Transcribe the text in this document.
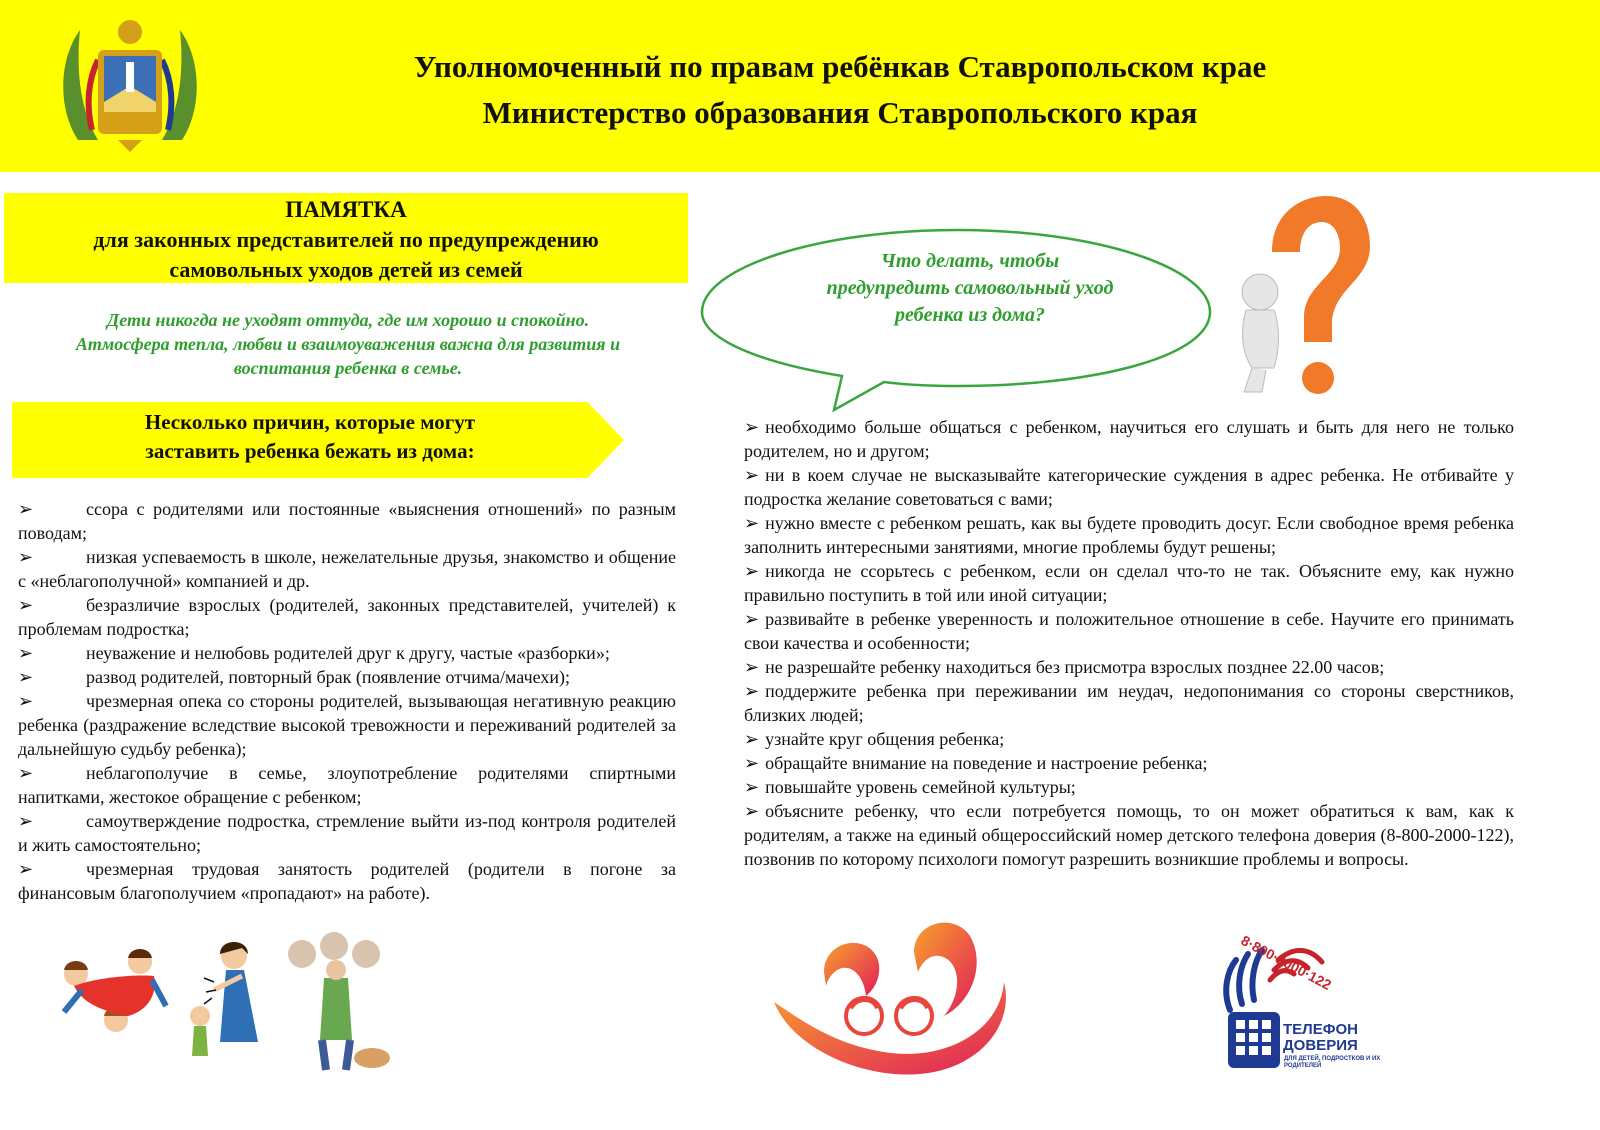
Уполномоченный по правам ребёнкав Ставропольском крае
Министерство образования Ставропольского края
ПАМЯТКА
для законных представителей по предупреждению
самовольных уходов детей из семей
Дети никогда не уходят оттуда, где им хорошо и спокойно.
Атмосфера тепла, любви и взаимоуважения важна для развития и
воспитания ребенка в семье.
Несколько причин, которые могут
заставить ребенка бежать из дома:
➢	ссора с родителями или постоянные «выяснения отношений» по разным поводам;
➢	низкая успеваемость в школе, нежелательные друзья, знакомство и общение с «неблагополучной» компанией и др.
➢	безразличие взрослых (родителей, законных представителей, учителей) к проблемам подростка;
➢	неуважение и нелюбовь родителей друг к другу, частые «разборки»;
➢	развод родителей, повторный брак (появление отчима/мачехи);
➢	чрезмерная опека со стороны родителей, вызывающая негативную реакцию ребенка (раздражение вследствие высокой тревожности и переживаний родителей за дальнейшую судьбу ребенка);
➢	неблагополучие в семье, злоупотребление родителями спиртными напитками, жестокое обращение с ребенком;
➢	самоутверждение подростка, стремление выйти из-под контроля родителей и жить самостоятельно;
➢	чрезмерная трудовая занятость родителей (родители в погоне за финансовым благополучием «пропадают» на работе).
Что делать, чтобы
предупредить самовольный уход
ребенка из дома?
➢ необходимо больше общаться с ребенком, научиться его слушать и быть для него не только родителем, но и другом;
➢ ни в коем случае не высказывайте категорические суждения в адрес ребенка. Не отбивайте у подростка желание советоваться с вами;
➢ нужно вместе с ребенком решать, как вы будете проводить досуг. Если свободное время ребенка заполнить интересными занятиями, многие проблемы будут решены;
➢ никогда не ссорьтесь с ребенком, если он сделал что-то не так. Объясните ему, как нужно правильно поступить в той или иной ситуации;
➢ развивайте в ребенке уверенность и положительное отношение в себе. Научите его принимать свои качества и особенности;
➢ не разрешайте ребенку находиться без присмотра взрослых позднее 22.00 часов;
➢ поддержите ребенка при переживании им неудач, недопонимания со стороны сверстников, близких людей;
➢ узнайте круг общения ребенка;
➢ обращайте внимание на поведение и настроение ребенка;
➢ повышайте уровень семейной культуры;
➢ объясните ребенку, что если потребуется помощь, то он может обратиться к вам, как к родителям, а также на единый общероссийский номер детского телефона доверия (8-800-2000-122), позвонив по которому психологи помогут разрешить возникшие проблемы и вопросы.
8·800·2000·122
ТЕЛЕФОН
ДОВЕРИЯ
ДЛЯ ДЕТЕЙ, ПОДРОСТКОВ И ИХ РОДИТЕЛЕЙ
